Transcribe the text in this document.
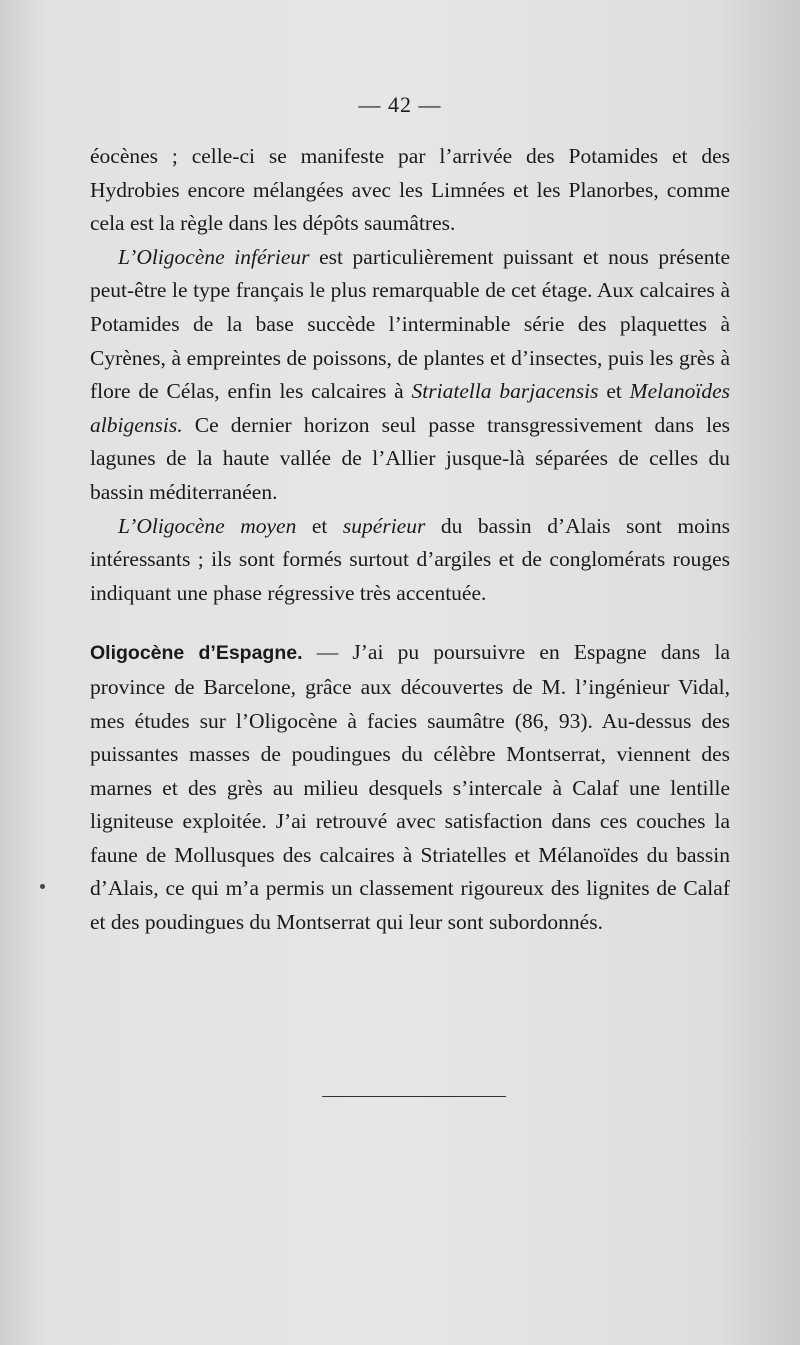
— 42 —

éocènes ; celle-ci se manifeste par l’arrivée des Potamides et des Hydrobies encore mélangées avec les Limnées et les Planorbes, comme cela est la règle dans les dépôts saumâtres.

L’Oligocène inférieur est particulièrement puissant et nous présente peut-être le type français le plus remarquable de cet étage. Aux calcaires à Potamides de la base succède l’interminable série des plaquettes à Cyrènes, à empreintes de poissons, de plantes et d’insectes, puis les grès à flore de Célas, enfin les calcaires à Striatella barjacensis et Melanoïdes albigensis. Ce dernier horizon seul passe transgressivement dans les lagunes de la haute vallée de l’Allier jusque-là séparées de celles du bassin méditerranéen.

L’Oligocène moyen et supérieur du bassin d’Alais sont moins intéressants ; ils sont formés surtout d’argiles et de conglomérats rouges indiquant une phase régressive très accentuée.

Oligocène d’Espagne. — J’ai pu poursuivre en Espagne dans la province de Barcelone, grâce aux découvertes de M. l’ingénieur Vidal, mes études sur l’Oligocène à facies saumâtre (86, 93). Au-dessus des puissantes masses de poudingues du célèbre Montserrat, viennent des marnes et des grès au milieu desquels s’intercale à Calaf une lentille ligniteuse exploitée. J’ai retrouvé avec satisfaction dans ces couches la faune de Mollusques des calcaires à Striatelles et Mélanoïdes du bassin d’Alais, ce qui m’a permis un classement rigoureux des lignites de Calaf et des poudingues du Montserrat qui leur sont subordonnés.
